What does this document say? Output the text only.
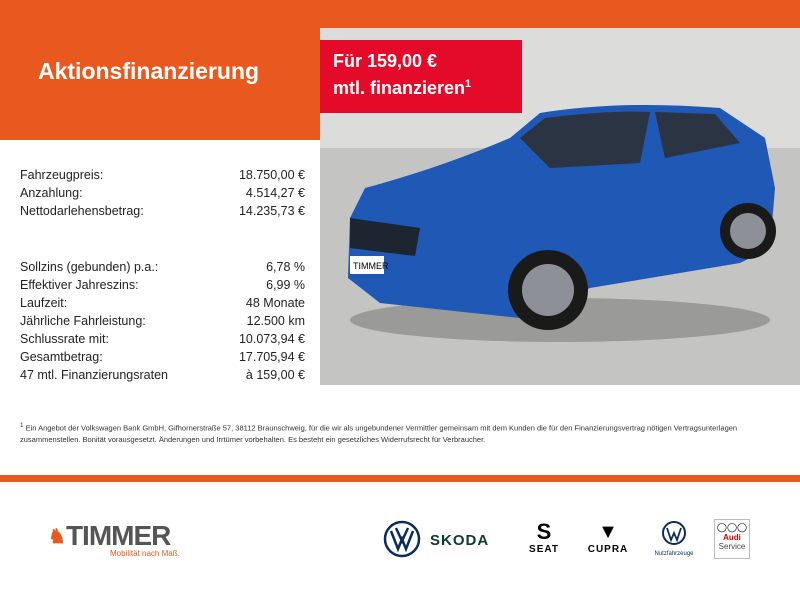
Aktionsfinanzierung
TIMMER
Für 159,00 €
mtl. finanzieren$^1$
Fahrzeugpreis:	18.750,00 €
Anzahlung:	4.514,27 €
Nettodarlehensbetrag:	14.235,73 €
Sollzins (gebunden) p.a.:	6,78 %
Effektiver Jahreszins:	6,99 %
Laufzeit:	48 Monate
Jährliche Fahrleistung:	12.500 km
Schlussrate mit:	10.073,94 €
Gesamtbetrag:	17.705,94 €
47 mtl. Finanzierungsraten	à 159,00 €
$^1$ Ein Angebot der Volkswagen Bank GmbH, Gifhornerstraße 57, 38112 Braunschweig, für die wir als ungebundener Vermittler gemeinsam mit dem Kunden die für den Finanzierungsvertrag nötigen Vertragsunterlagen zusammenstellen. Bonität vorausgesetzt. Änderungen und Irrtümer vorbehalten. Es besteht ein gesetzliches Widerrufsrecht für Verbraucher.
♞ TIMMER
Mobilität nach Maß.
SKODA	S
SEAT
▼
CUPRA	Nutzfahrzeuge
◯◯◯
Audi
Service
